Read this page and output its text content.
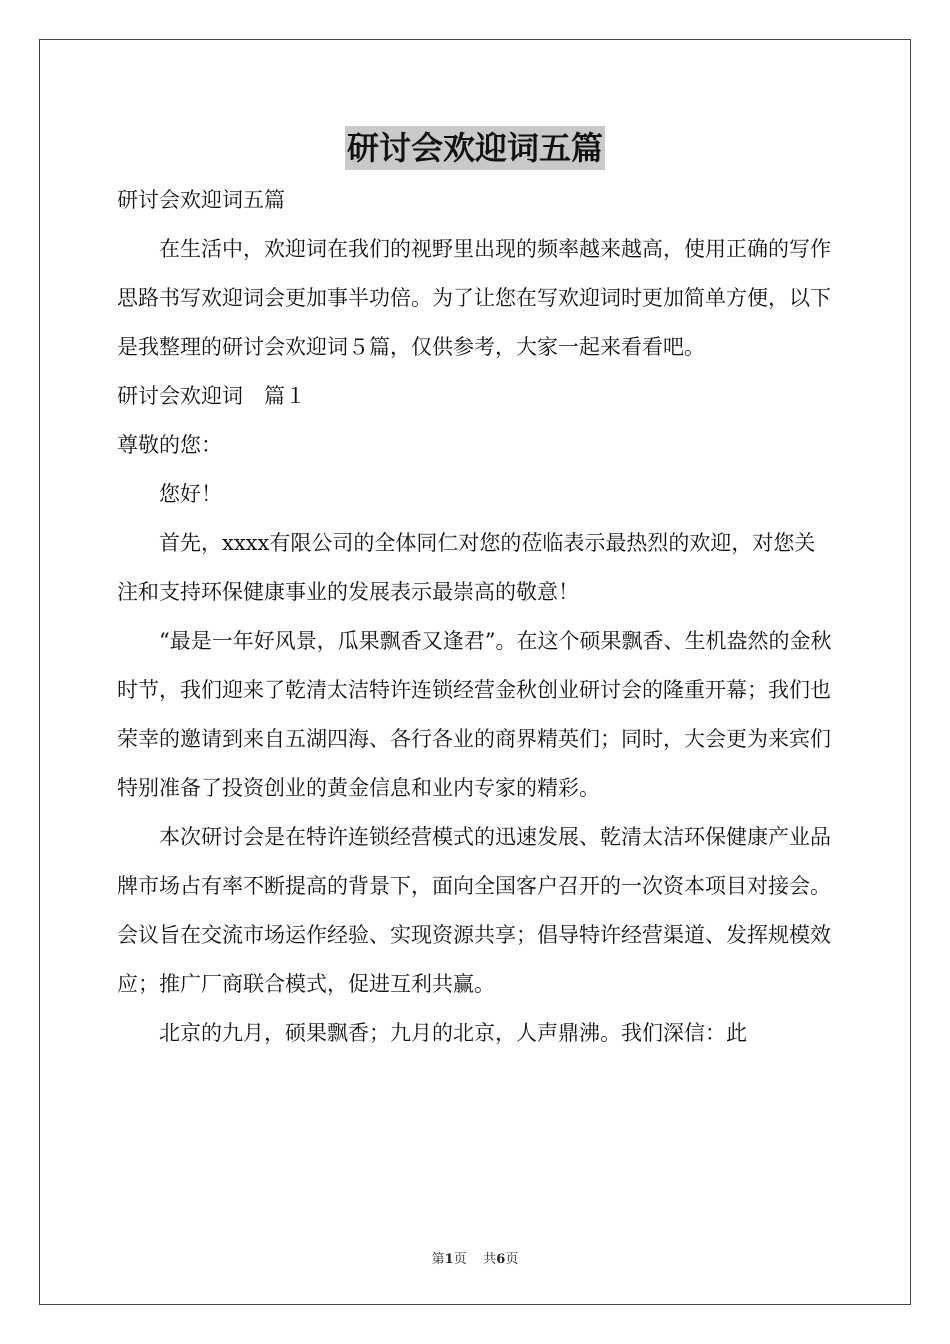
研讨会欢迎词五篇

研讨会欢迎词五篇

在生活中，欢迎词在我们的视野里出现的频率越来越高，使用正确的写作思路书写欢迎词会更加事半功倍。为了让您在写欢迎词时更加简单方便，以下是我整理的研讨会欢迎词５篇，仅供参考，大家一起来看看吧。

研讨会欢迎词　篇１

尊敬的您：

您好！

首先，xxxx有限公司的全体同仁对您的莅临表示最热烈的欢迎，对您关注和支持环保健康事业的发展表示最崇高的敬意！

“最是一年好风景，瓜果飘香又逢君”。在这个硕果飘香、生机盎然的金秋时节，我们迎来了乾清太洁特许连锁经营金秋创业研讨会的隆重开幕；我们也荣幸的邀请到来自五湖四海、各行各业的商界精英们；同时，大会更为来宾们特别准备了投资创业的黄金信息和业内专家的精彩。

本次研讨会是在特许连锁经营模式的迅速发展、乾清太洁环保健康产业品牌市场占有率不断提高的背景下，面向全国客户召开的一次资本项目对接会。会议旨在交流市场运作经验、实现资源共享；倡导特许经营渠道、发挥规模效应；推广厂商联合模式，促进互利共赢。

北京的九月，硕果飘香；九月的北京，人声鼎沸。我们深信：此

第1页 共6页
